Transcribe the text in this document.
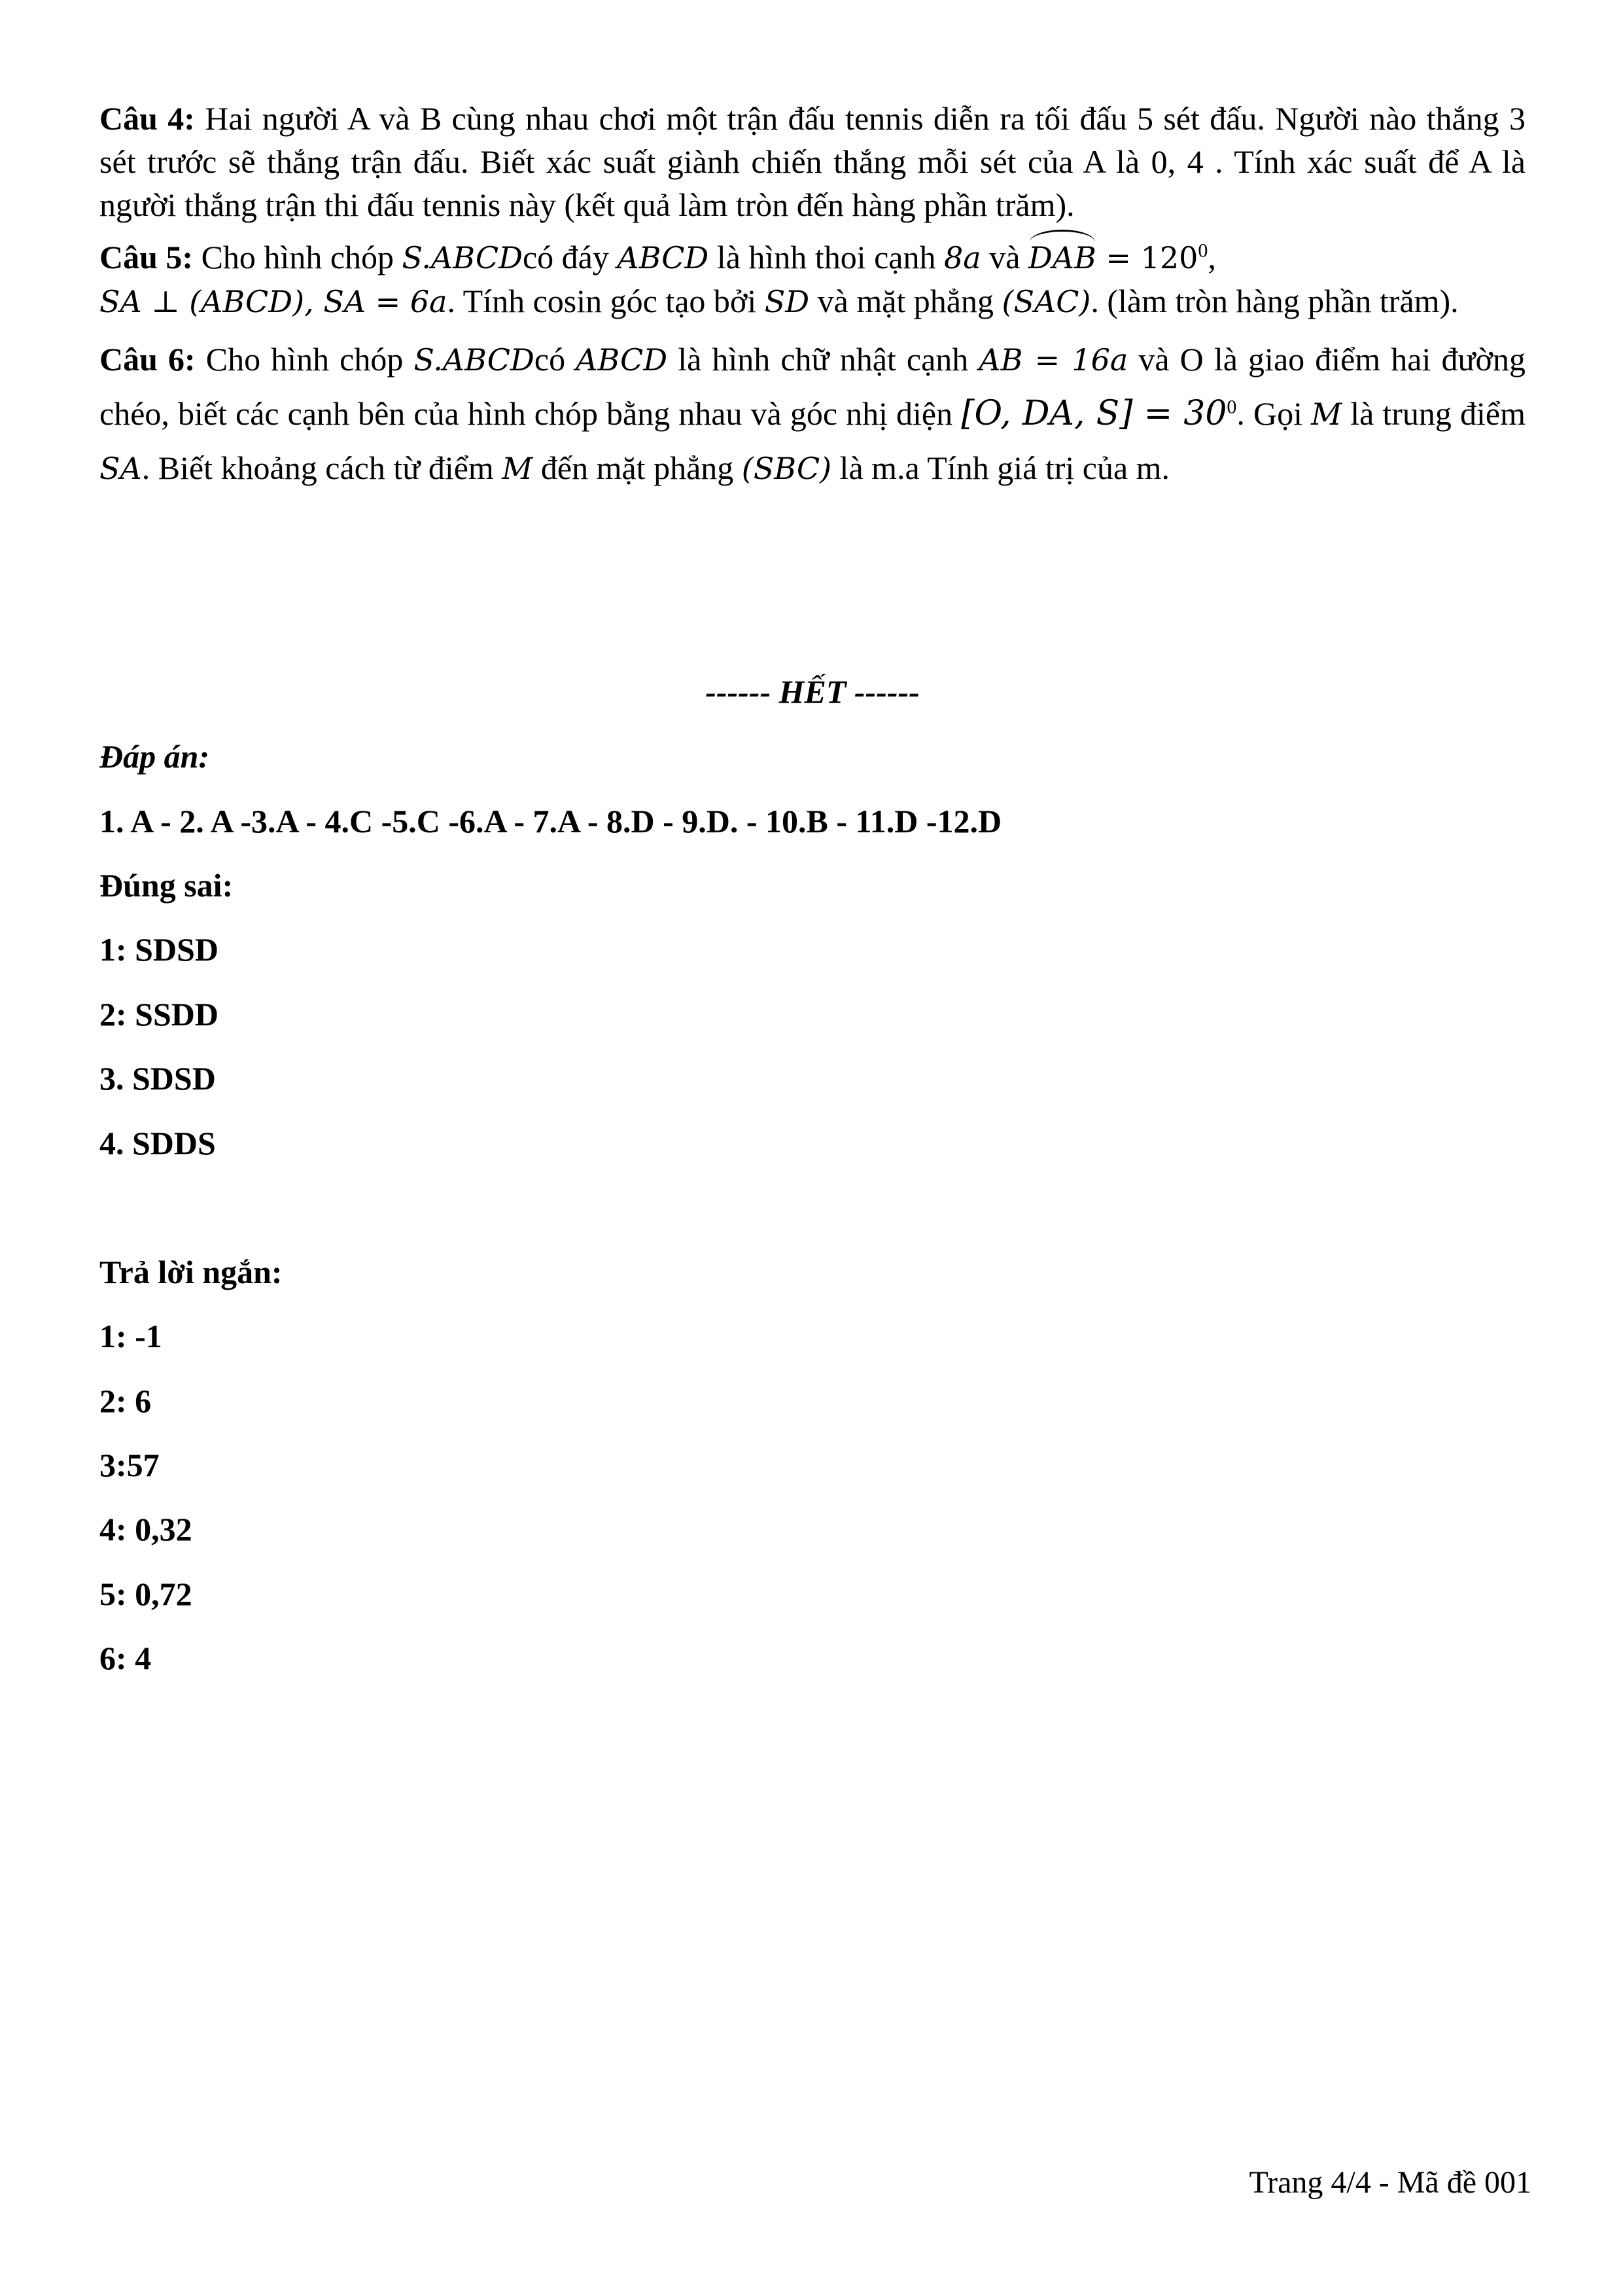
Câu 4: Hai người A và B cùng nhau chơi một trận đấu tennis diễn ra tối đấu 5 sét đấu. Người nào thắng 3 sét trước sẽ thắng trận đấu. Biết xác suất giành chiến thắng mỗi sét của A là 0, 4 . Tính xác suất để A là người thắng trận thi đấu tennis này (kết quả làm tròn đến hàng phần trăm).

Câu 5: Cho hình chóp S.ABCDcó đáy ABCD là hình thoi cạnh 8a và DAB = $120^0$,
SA ⊥ (ABCD), SA = 6a. Tính cosin góc tạo bởi SD và mặt phẳng (SAC). (làm tròn hàng phần trăm).

Câu 6: Cho hình chóp S.ABCDcó ABCD là hình chữ nhật cạnh AB = 16a và O là giao điểm hai đường chéo, biết các cạnh bên của hình chóp bằng nhau và góc nhị diện [O, DA, $S] = 30^0$. Gọi M là trung điểm SA. Biết khoảng cách từ điểm M đến mặt phẳng (SBC) là m.a Tính giá trị của m.

------ HẾT ------
Đáp án:
1. A - 2. A -3.A - 4.C -5.C -6.A - 7.A - 8.D - 9.D. - 10.B - 11.D -12.D
Đúng sai:
1: SDSD
2: SSDD
3. SDSD
4. SDDS
Trả lời ngắn:
1: -1
2: 6
3:57
4: 0,32
5: 0,72
6: 4
Trang 4/4 - Mã đề 001
